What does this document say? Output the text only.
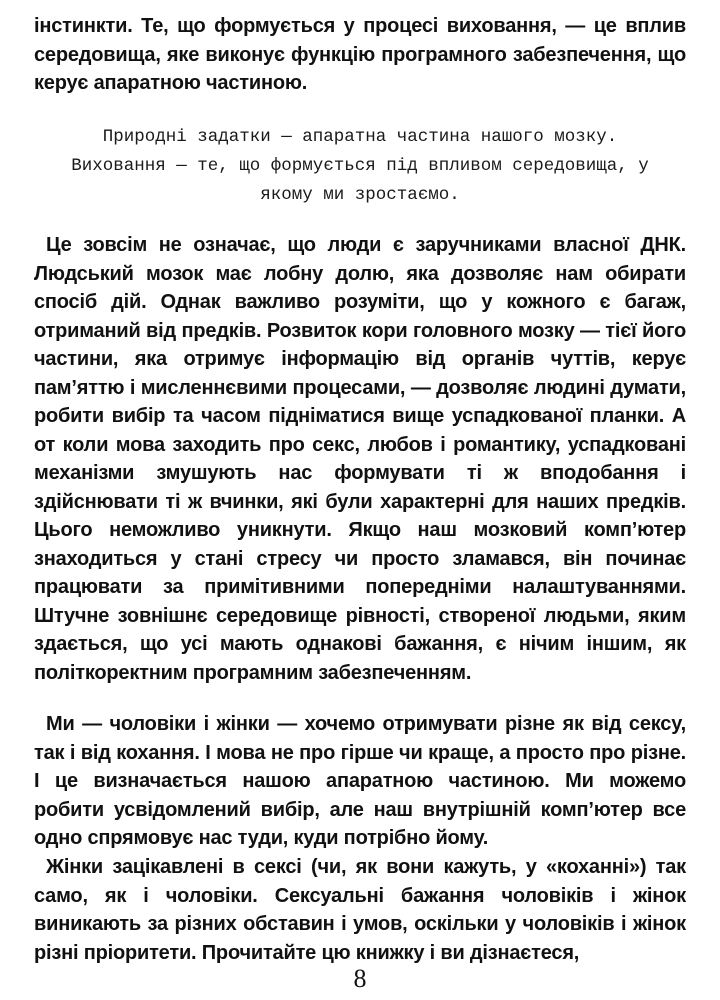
інстинкти. Те, що формується у процесі виховання, — це вплив середовища, яке виконує функцію програмного забезпечення, що керує апаратною частиною.

Природні задатки — апаратна частина нашого мозку. Виховання — те, що формується під впливом середовища, у якому ми зростаємо.

Це зовсім не означає, що люди є заручниками власної ДНК. Людський мозок має лобну долю, яка дозволяє нам обирати спосіб дій. Однак важливо розуміти, що у кожного є багаж, отриманий від предків. Розвиток кори головного мозку — тієї його частини, яка отримує інформацію від органів чуттів, керує пам’яттю і мисленнєвими процесами, — дозволяє людині думати, робити вибір та часом підніматися вище успадкованої планки. А от коли мова заходить про секс, любов і романтику, успадковані механізми змушують нас формувати ті ж вподобання і здійснювати ті ж вчинки, які були характерні для наших предків. Цього неможливо уникнути. Якщо наш мозковий комп’ютер знаходиться у стані стресу чи просто зламався, він починає працювати за примітивними попередніми налаштуваннями. Штучне зовнішнє середовище рівності, створеної людьми, яким здається, що усі мають однакові бажання, є нічим іншим, як політкоректним програмним забезпеченням.

Ми — чоловіки і жінки — хочемо отримувати різне як від сексу, так і від кохання. І мова не про гірше чи краще, а просто про різне. І це визначається нашою апаратною частиною. Ми можемо робити усвідомлений вибір, але наш внутрішній комп’ютер все одно спрямовує нас туди, куди потрібно йому.

Жінки зацікавлені в сексі (чи, як вони кажуть, у «коханні») так само, як і чоловіки. Сексуальні бажання чоловіків і жінок виникають за різних обставин і умов, оскільки у чоловіків і жінок різні пріоритети. Прочитайте цю книжку і ви дізнаєтеся,

8
